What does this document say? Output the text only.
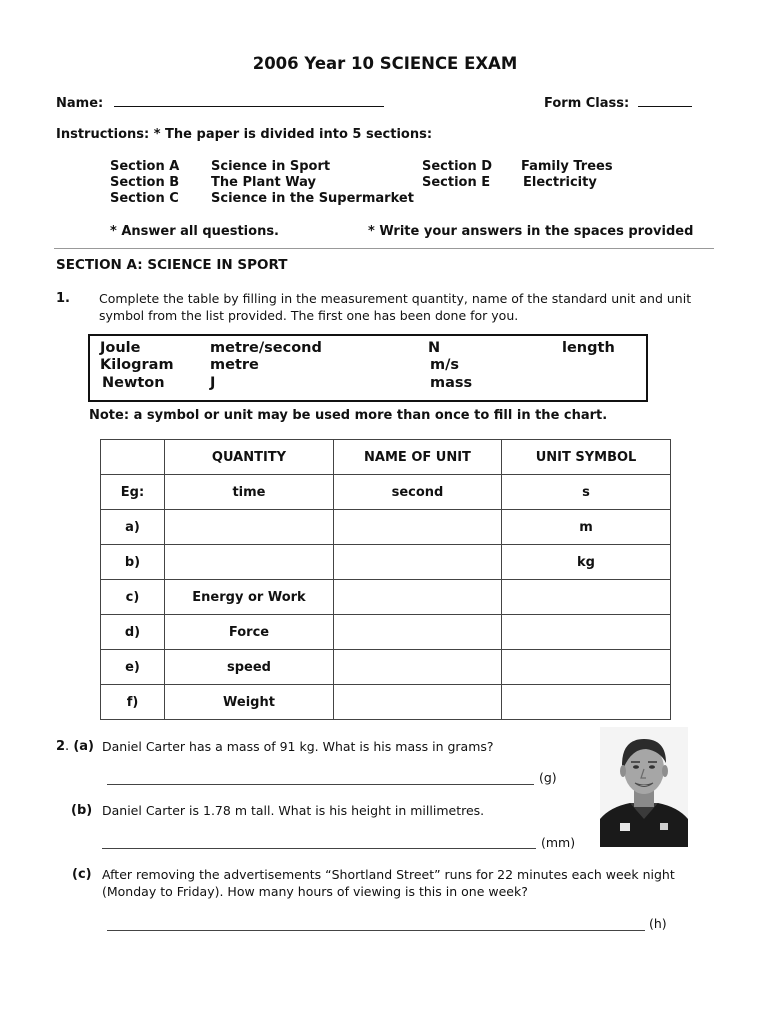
2006 Year 10 SCIENCE EXAM
Name:	Form Class:
Instructions: * The paper is divided into 5 sections:
Section A Science in Sport
Section B The Plant Way
Section C Science in the Supermarket
Section D Family Trees
Section E	Electricity
* Answer all questions.	* Write your answers in the spaces provided
SECTION A: SCIENCE IN SPORT
1. Complete the table by filling in the measurement quantity, name of the standard unit and unit
symbol from the list provided. The first one has been done for you.
Joule
Kilogram
Newton
metre/second
metre
J
N
m/s
mass
length
Note: a symbol or unit may be used more than once to fill in the chart.
	QUANTITY	NAME OF UNIT	UNIT SYMBOL
Eg:	time	second	s
a)			m
b)			kg
c)	Energy or Work		
d)	Force		
e)	speed		
f)	Weight		
2. (a) Daniel Carter has a mass of 91 kg. What is his mass in grams?
(g)
(b) Daniel Carter is 1.78 m tall. What is his height in millimetres.
(mm)
(c) After removing the advertisements “Shortland Street” runs for 22 minutes each week night
(Monday to Friday). How many hours of viewing is this in one week?
(h)
